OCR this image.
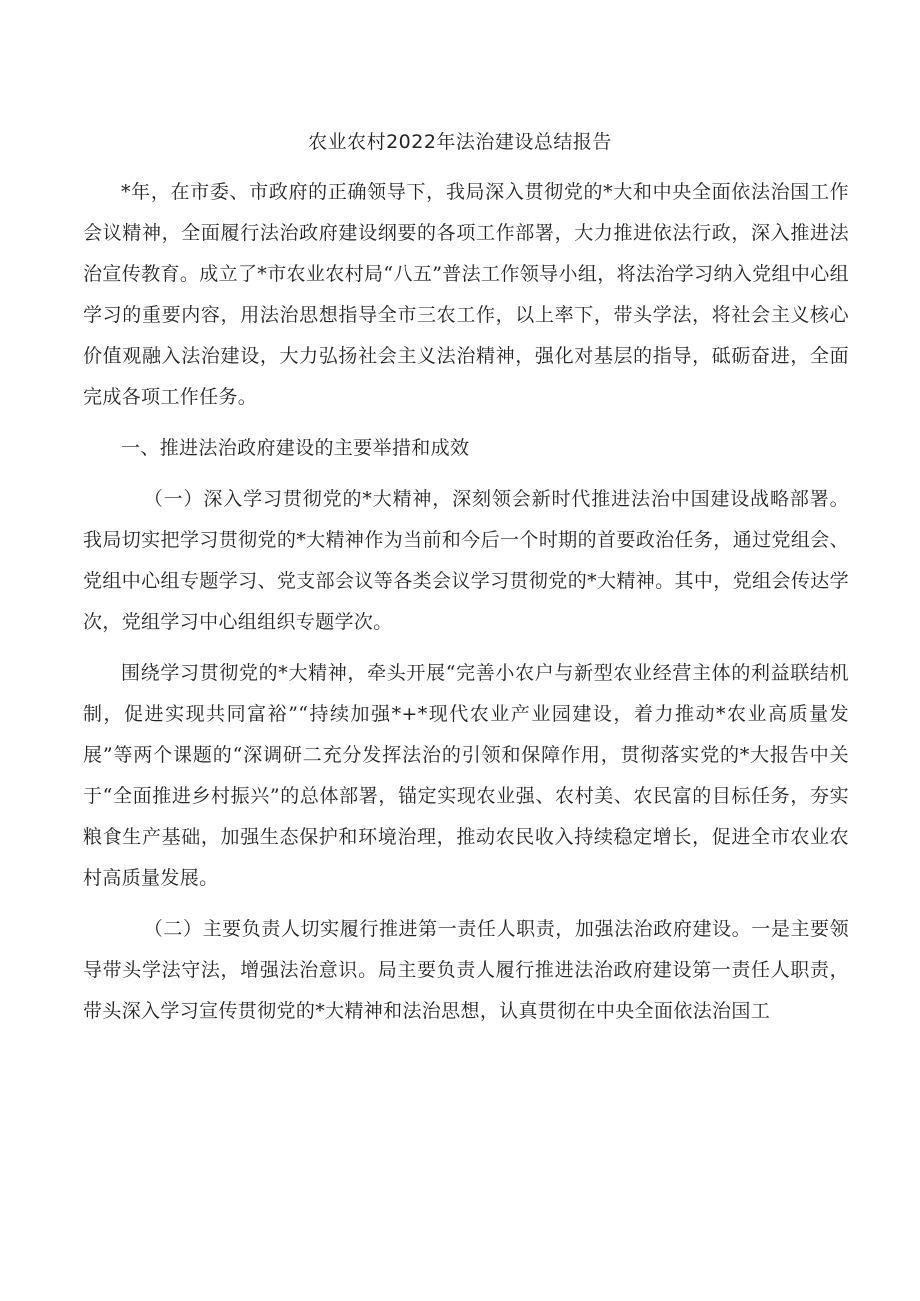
农业农村2022年法治建设总结报告

*年，在市委、市政府的正确领导下，我局深入贯彻党的*大和中央全面依法治国工作会议精神，全面履行法治政府建设纲要的各项工作部署，大力推进依法行政，深入推进法治宣传教育。成立了*市农业农村局“八五”普法工作领导小组，将法治学习纳入党组中心组学习的重要内容，用法治思想指导全市三农工作，以上率下，带头学法，将社会主义核心价值观融入法治建设，大力弘扬社会主义法治精神，强化对基层的指导，砥砺奋进，全面完成各项工作任务。

一、推进法治政府建设的主要举措和成效

（一）深入学习贯彻党的*大精神，深刻领会新时代推进法治中国建设战略部署。我局切实把学习贯彻党的*大精神作为当前和今后一个时期的首要政治任务，通过党组会、党组中心组专题学习、党支部会议等各类会议学习贯彻党的*大精神。其中，党组会传达学次，党组学习中心组组织专题学次。

围绕学习贯彻党的*大精神，牵头开展“完善小农户与新型农业经营主体的利益联结机制，促进实现共同富裕”“持续加强*+*现代农业产业园建设，着力推动*农业高质量发展”等两个课题的“深调研二充分发挥法治的引领和保障作用，贯彻落实党的*大报告中关于“全面推进乡村振兴”的总体部署，锚定实现农业强、农村美、农民富的目标任务，夯实粮食生产基础，加强生态保护和环境治理，推动农民收入持续稳定增长，促进全市农业农村高质量发展。

（二）主要负责人切实履行推进第一责任人职责，加强法治政府建设。一是主要领导带头学法守法，增强法治意识。局主要负责人履行推进法治政府建设第一责任人职责，带头深入学习宣传贯彻党的*大精神和法治思想，认真贯彻在中央全面依法治国工
